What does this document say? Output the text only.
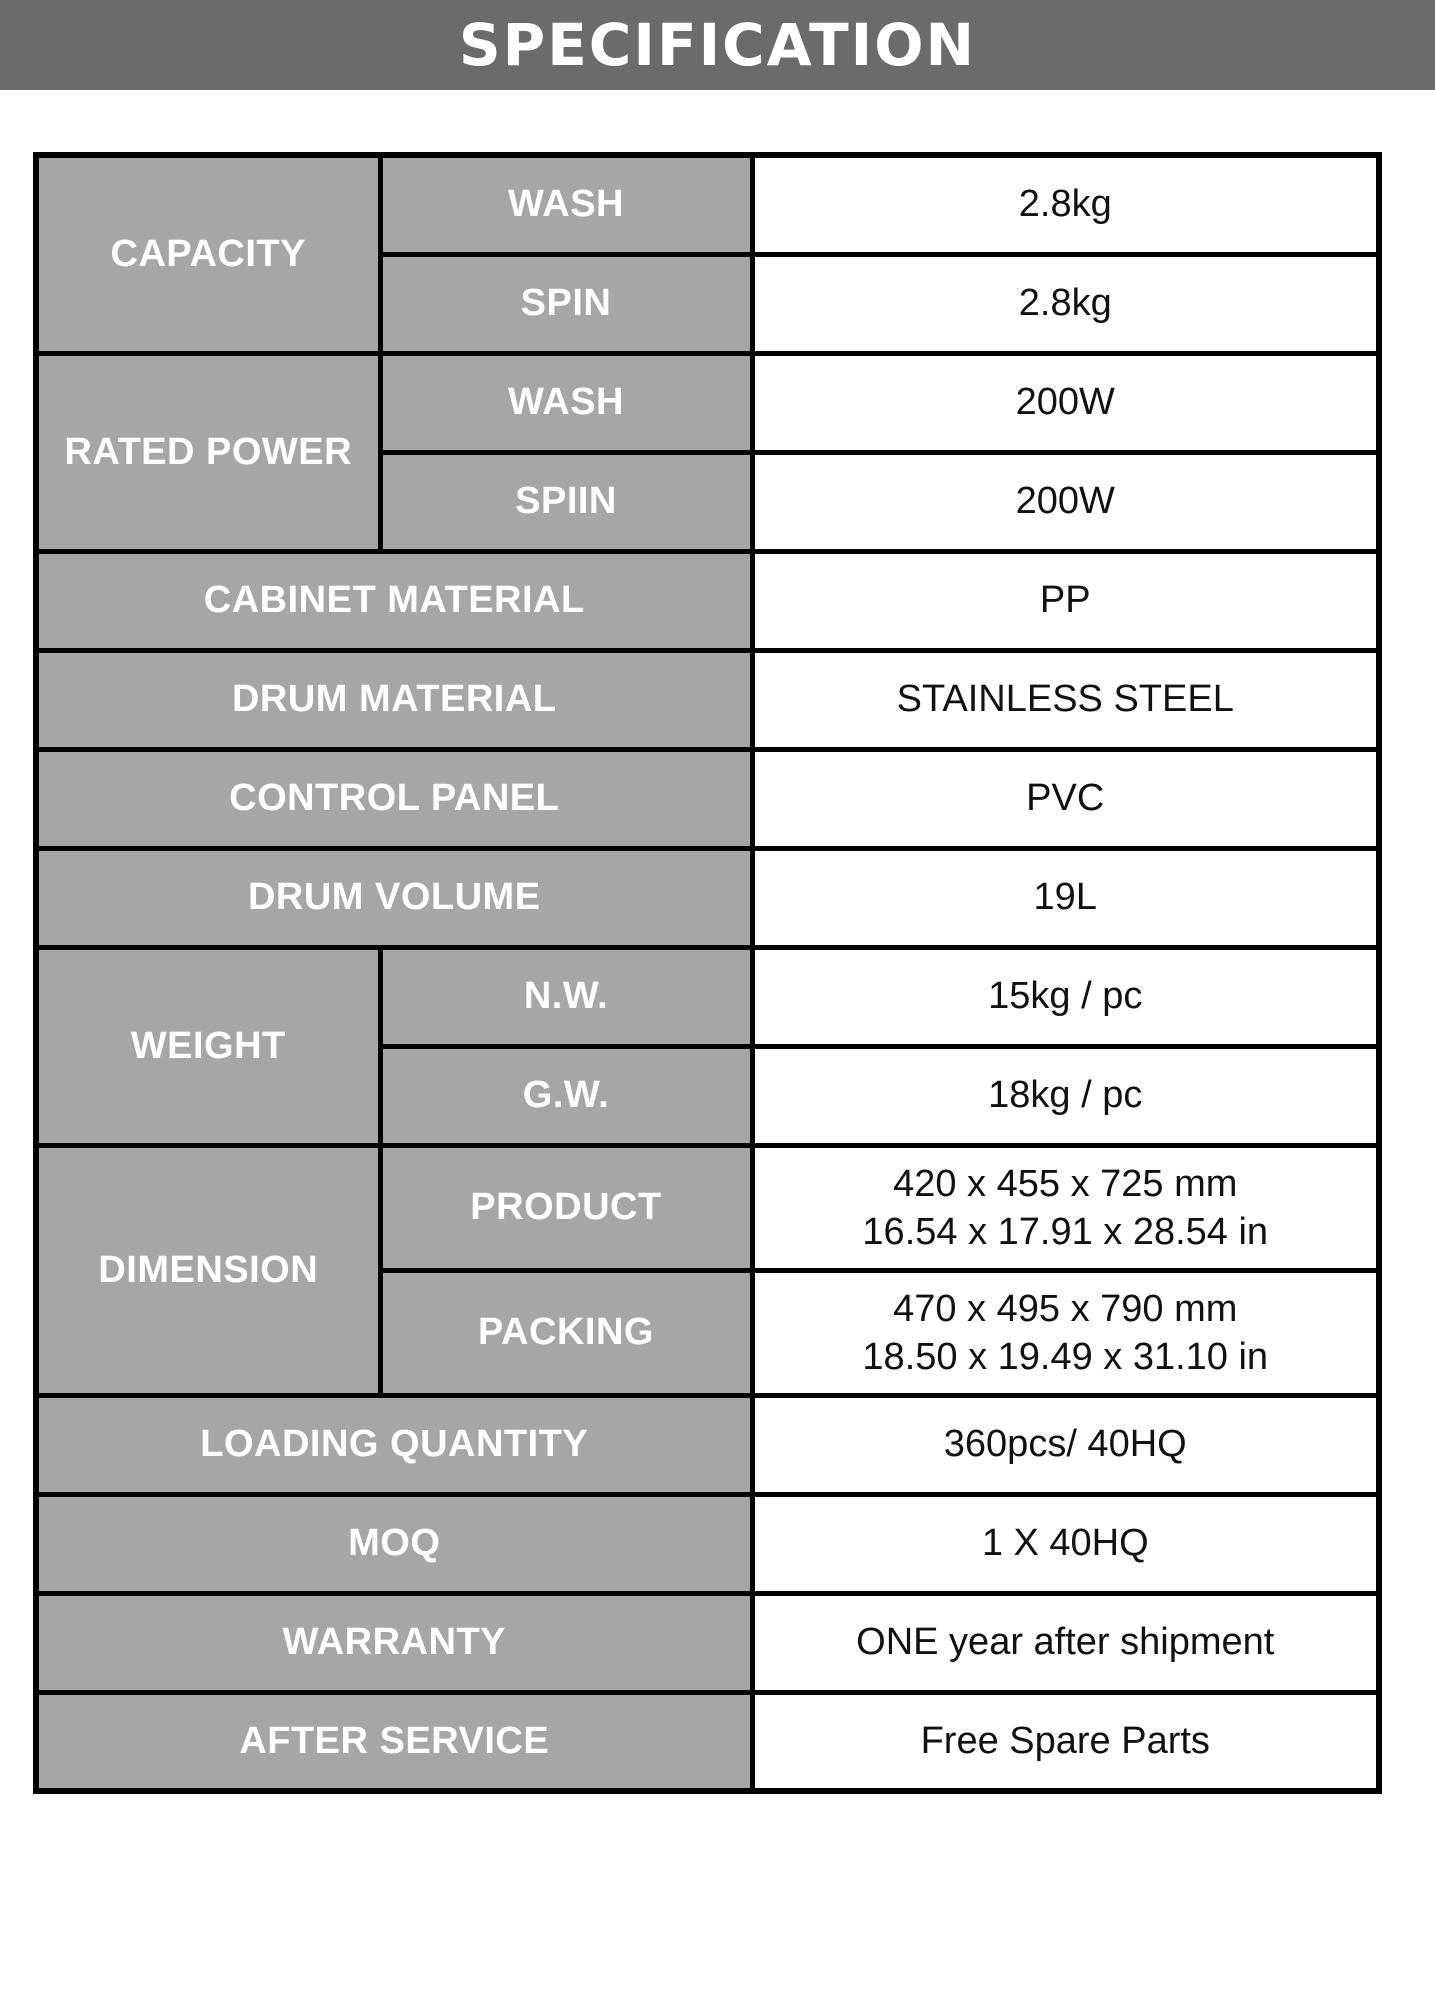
SPECIFICATION
CAPACITY	WASH	2.8kg
	SPIN	2.8kg
RATED POWER	WASH	200W
	SPIIN	200W
CABINET MATERIAL		PP
DRUM MATERIAL		STAINLESS STEEL
CONTROL PANEL		PVC
DRUM VOLUME		19L
WEIGHT	N.W.	15kg / pc
	G.W.	18kg / pc
DIMENSION	PRODUCT	420 x 455 x 725 mm
16.54 x 17.91 x 28.54 in

	PACKING	470 x 495 x 790 mm
18.50 x 19.49 x 31.10 in

LOADING QUANTITY		360pcs/ 40HQ
MOQ		1 X 40HQ
WARRANTY		ONE year after shipment
AFTER SERVICE		Free Spare Parts
